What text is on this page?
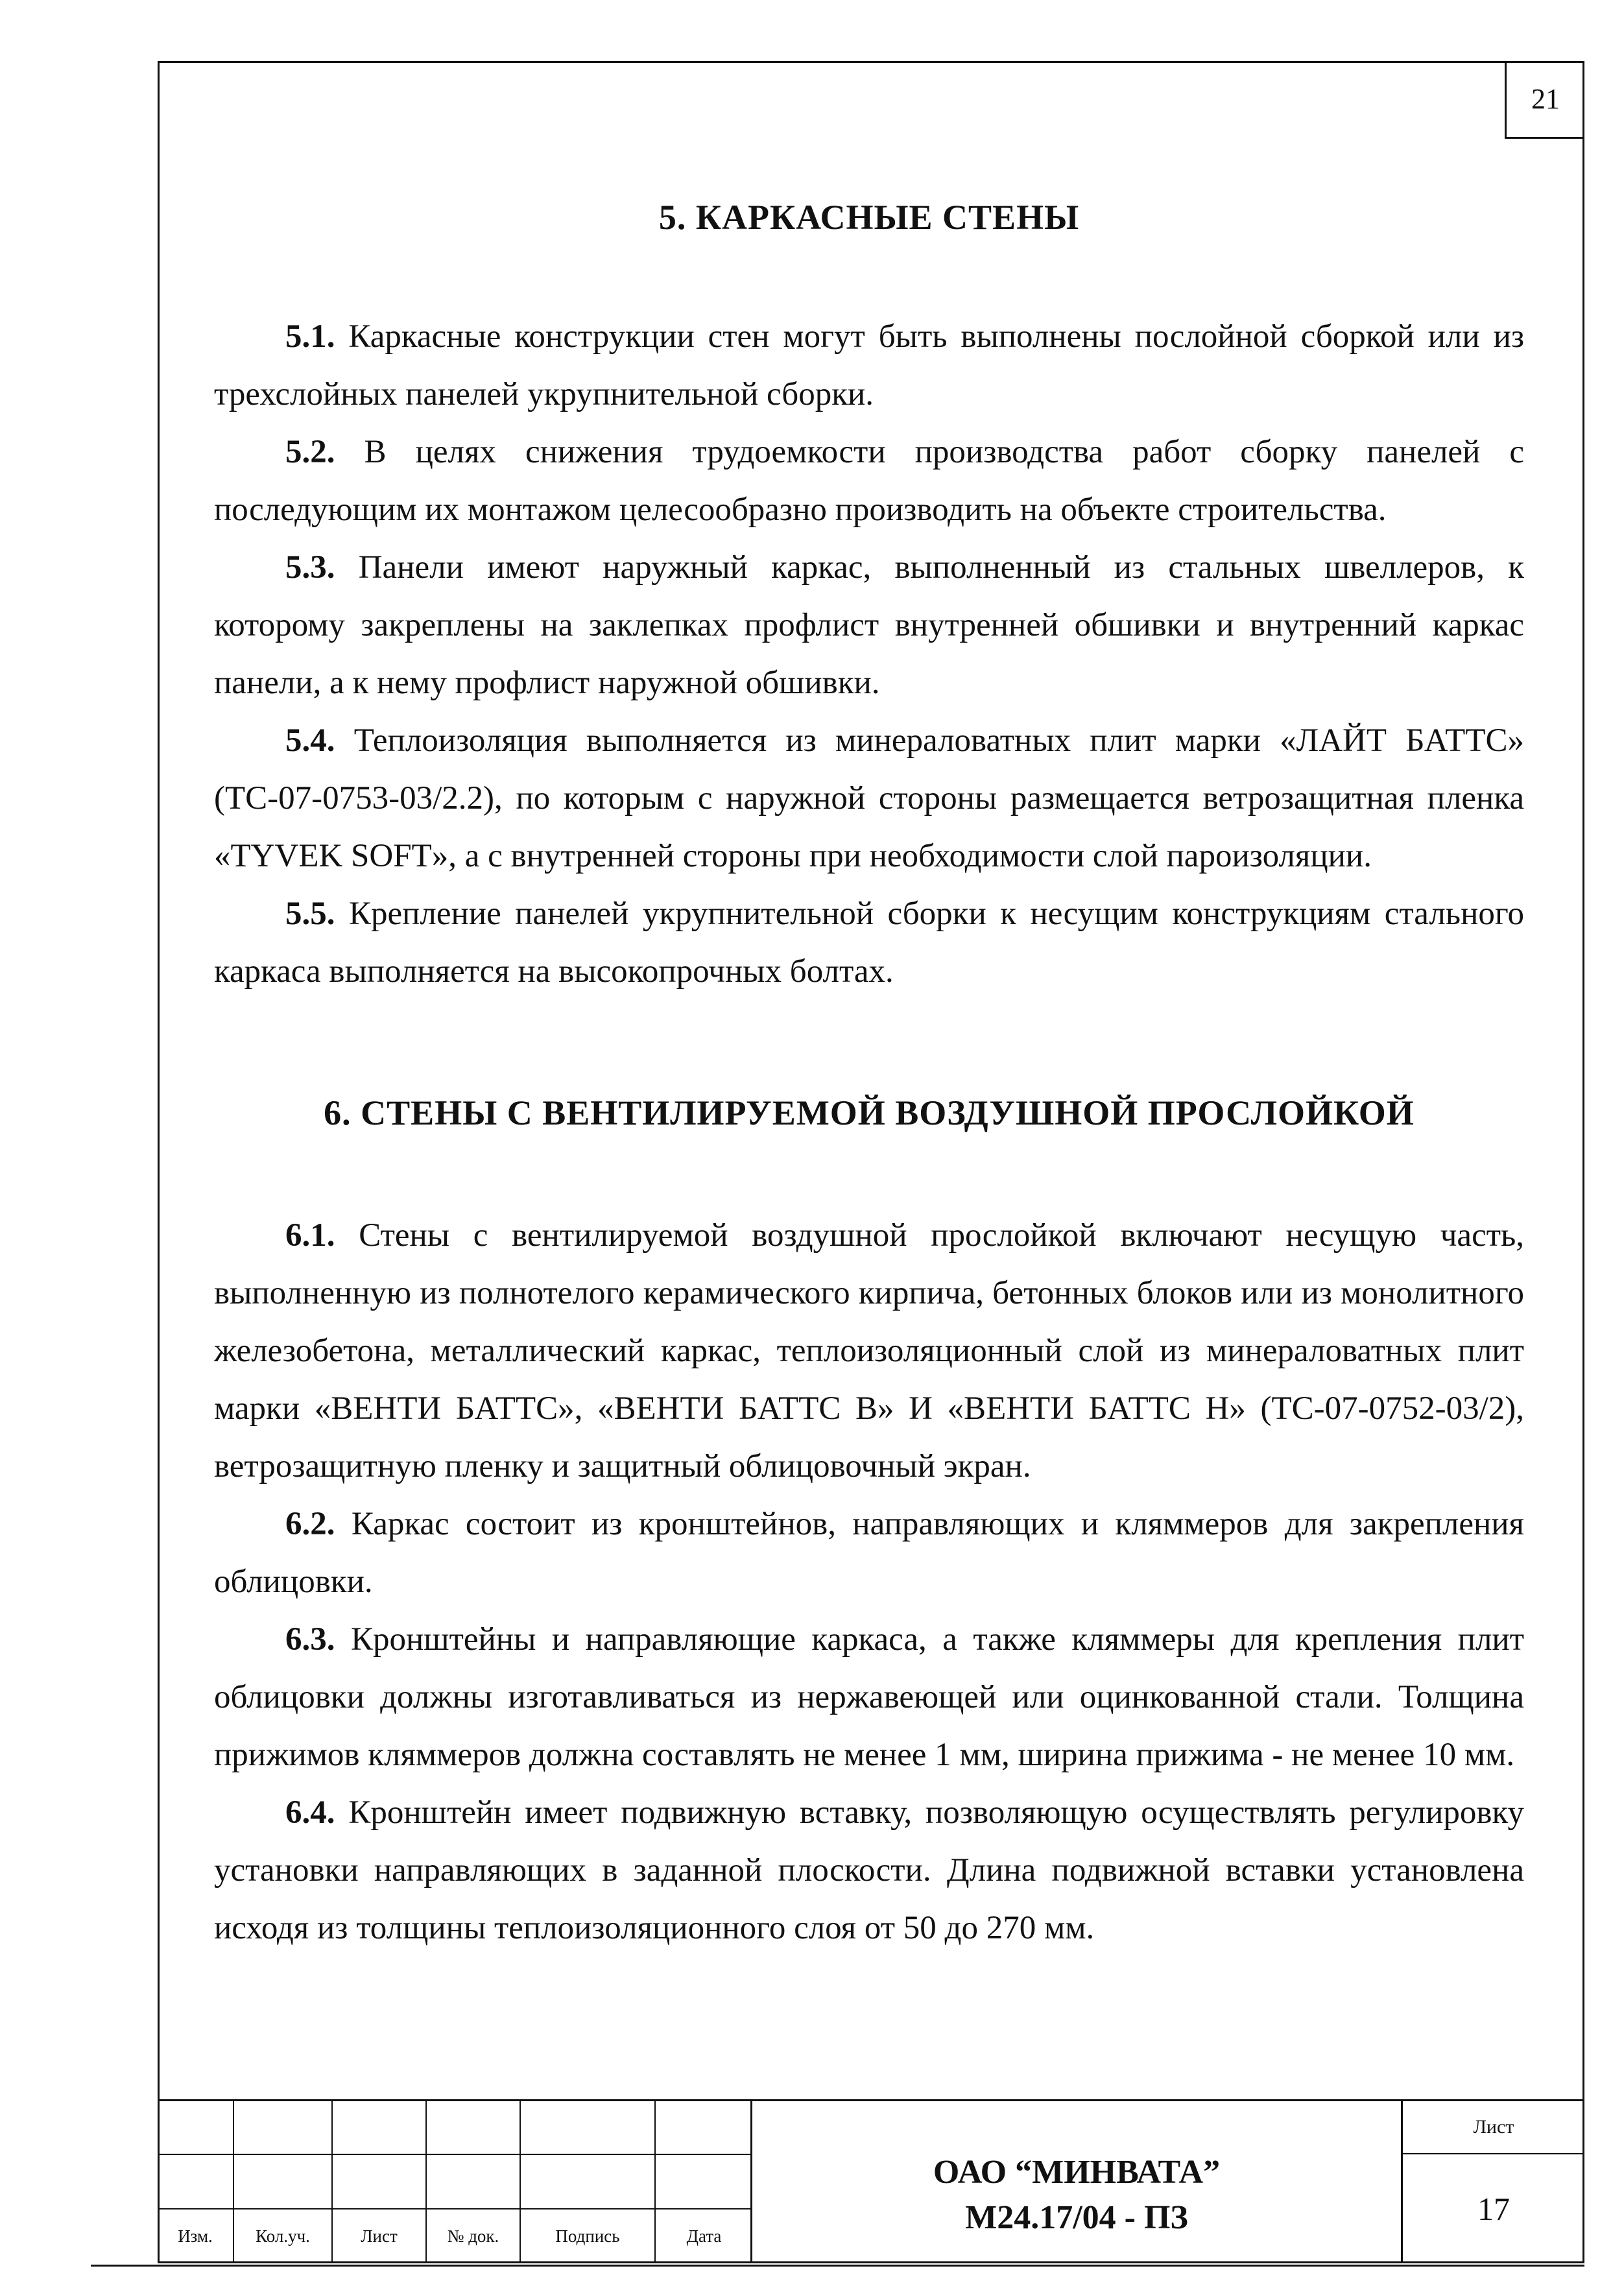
21
5. КАРКАСНЫЕ СТЕНЫ

5.1. Каркасные конструкции стен могут быть выполнены послойной сборкой или из трехслойных панелей укрупнительной сборки.

5.2. В целях снижения трудоемкости производства работ сборку панелей с последующим их монтажом целесообразно производить на объекте строительства.

5.3. Панели имеют наружный каркас, выполненный из стальных швеллеров, к которому закреплены на заклепках профлист внутренней обшивки и внутренний каркас панели, а к нему профлист наружной обшивки.

5.4. Теплоизоляция выполняется из минераловатных плит марки «ЛАЙТ БАТТС» (ТС-07-0753-03/2.2), по которым с наружной стороны размещается ветрозащитная пленка «TYVEK SOFT», а с внутренней стороны при необходимости слой пароизоляции.

5.5. Крепление панелей укрупнительной сборки к несущим конструкциям стального каркаса выполняется на высокопрочных болтах.

6. СТЕНЫ С ВЕНТИЛИРУЕМОЙ ВОЗДУШНОЙ ПРОСЛОЙКОЙ

6.1. Стены с вентилируемой воздушной прослойкой включают несущую часть, выполненную из полнотелого керамического кирпича, бетонных блоков или из монолитного железобетона, металлический каркас, теплоизоляционный слой из минераловатных плит марки «ВЕНТИ БАТТС», «ВЕНТИ БАТТС В» И «ВЕНТИ БАТТС Н» (ТС-07-0752-03/2), ветрозащитную пленку и защитный облицовочный экран.

6.2. Каркас состоит из кронштейнов, направляющих и кляммеров для закрепления облицовки.

6.3. Кронштейны и направляющие каркаса, а также кляммеры для крепления плит облицовки должны изготавливаться из нержавеющей или оцинкованной стали. Толщина прижимов кляммеров должна составлять не менее 1 мм, ширина прижима - не менее 10 мм.

6.4. Кронштейн имеет подвижную вставку, позволяющую осуществлять регулировку установки направляющих в заданной плоскости. Длина подвижной вставки установлена исходя из толщины теплоизоляционного слоя от 50 до 270 мм.

Изм.	Кол.уч.	Лист	№ док.	Подпись	Дата
ОАО “МИНВАТА”
М24.17/04 - ПЗ
Лист
17
